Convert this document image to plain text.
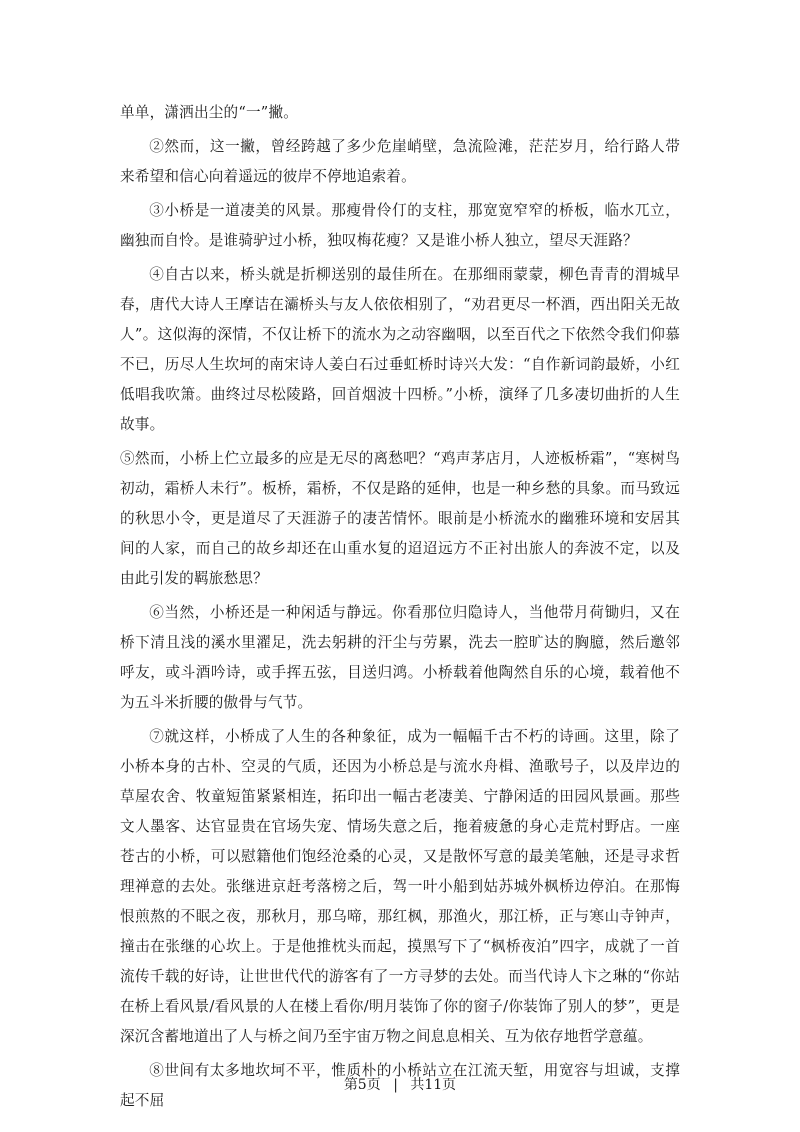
单单，潇洒出尘的“一”撇。

②然而，这一撇，曾经跨越了多少危崖峭壁，急流险滩，茫茫岁月，给行路人带来希望和信心向着遥远的彼岸不停地追索着。

③小桥是一道凄美的风景。那瘦骨伶仃的支柱，那宽宽窄窄的桥板，临水兀立，幽独而自怜。是谁骑驴过小桥，独叹梅花瘦？又是谁小桥人独立，望尽天涯路？

④自古以来，桥头就是折柳送别的最佳所在。在那细雨蒙蒙，柳色青青的渭城早春，唐代大诗人王摩诘在灞桥头与友人依依相别了，“劝君更尽一杯酒，西出阳关无故人”。这似海的深情，不仅让桥下的流水为之动容幽咽，以至百代之下依然令我们仰慕不已，历尽人生坎坷的南宋诗人姜白石过垂虹桥时诗兴大发：“自作新词韵最娇，小红低唱我吹箫。曲终过尽松陵路，回首烟波十四桥。”小桥，演绎了几多凄切曲折的人生故事。

⑤然而，小桥上伫立最多的应是无尽的离愁吧？“鸡声茅店月，人迹板桥霜”，“寒树鸟初动，霜桥人未行”。板桥，霜桥，不仅是路的延伸，也是一种乡愁的具象。而马致远的秋思小令，更是道尽了天涯游子的凄苦情怀。眼前是小桥流水的幽雅环境和安居其间的人家，而自己的故乡却还在山重水复的迢迢远方不正衬出旅人的奔波不定，以及由此引发的羁旅愁思？

⑥当然，小桥还是一种闲适与静远。你看那位归隐诗人，当他带月荷锄归，又在桥下清且浅的溪水里濯足，洗去躬耕的汗尘与劳累，洗去一腔旷达的胸臆，然后邀邻呼友，或斗酒吟诗，或手挥五弦，目送归鸿。小桥载着他陶然自乐的心境，载着他不为五斗米折腰的傲骨与气节。

⑦就这样，小桥成了人生的各种象征，成为一幅幅千古不朽的诗画。这里，除了小桥本身的古朴、空灵的气质，还因为小桥总是与流水舟楫、渔歌号子，以及岸边的草屋农舍、牧童短笛紧紧相连，拓印出一幅古老凄美、宁静闲适的田园风景画。那些文人墨客、达官显贵在官场失宠、情场失意之后，拖着疲惫的身心走荒村野店。一座苍古的小桥，可以慰籍他们饱经沧桑的心灵，又是散怀写意的最美笔触，还是寻求哲理禅意的去处。张继进京赶考落榜之后，驾一叶小船到姑苏城外枫桥边停泊。在那悔恨煎熬的不眠之夜，那秋月，那乌啼，那红枫，那渔火，那江桥，正与寒山寺钟声，撞击在张继的心坎上。于是他推枕头而起，摸黑写下了“枫桥夜泊”四字，成就了一首流传千载的好诗，让世世代代的游客有了一方寻梦的去处。而当代诗人卞之琳的“你站在桥上看风景/看风景的人在楼上看你/明月装饰了你的窗子/你装饰了别人的梦”，更是深沉含蓄地道出了人与桥之间乃至宇宙万物之间息息相关、互为依存地哲学意蕴。

⑧世间有太多地坎坷不平，惟质朴的小桥站立在江流天堑，用宽容与坦诚，支撑起不屈

第5页 | 共11页
